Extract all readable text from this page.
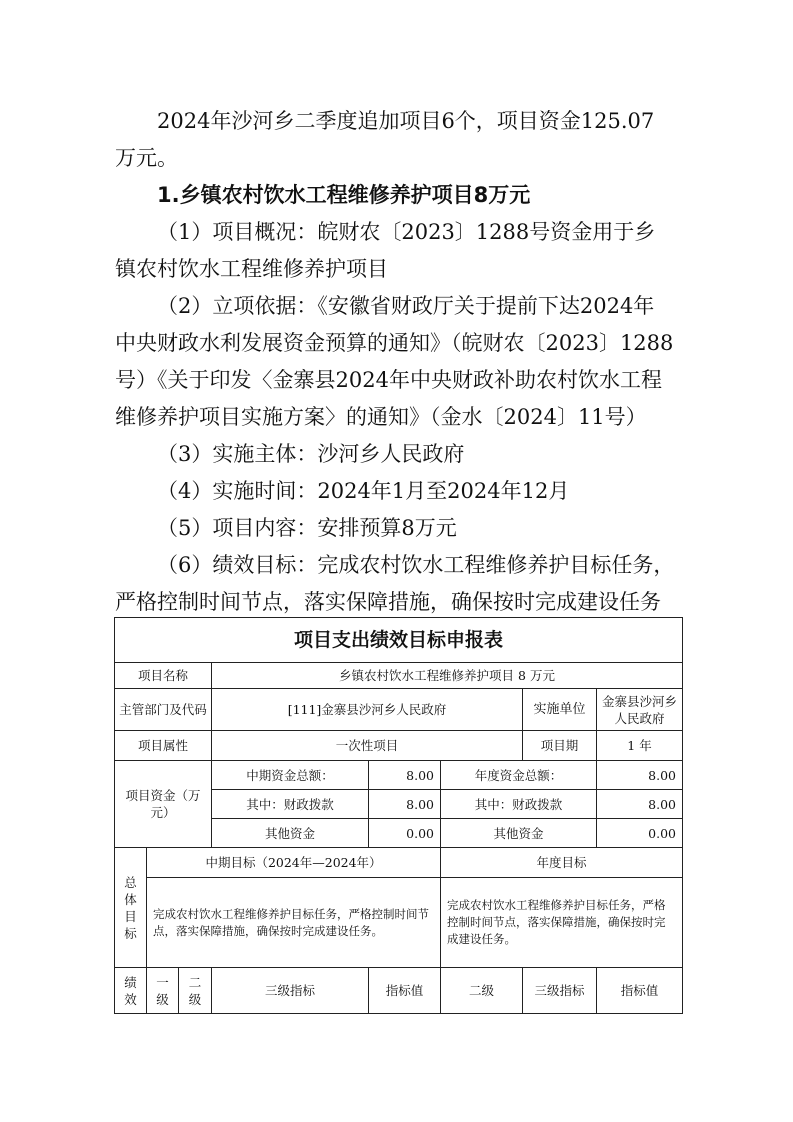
2024年沙河乡二季度追加项目6个，项目资金125.07万元。

1.乡镇农村饮水工程维修养护项目8万元

（1）项目概况：皖财农〔2023〕1288号资金用于乡镇农村饮水工程维修养护项目

（2）立项依据：《安徽省财政厅关于提前下达2024年中央财政水利发展资金预算的通知》（皖财农〔2023〕1288号）《关于印发〈金寨县2024年中央财政补助农村饮水工程维修养护项目实施方案〉的通知》（金水〔2024〕11号）

（3）实施主体：沙河乡人民政府

（4）实施时间：2024年1月至2024年12月

（5）项目内容：安排预算8万元

（6）绩效目标：完成农村饮水工程维修养护目标任务，严格控制时间节点，落实保障措施，确保按时完成建设任务

项目支出绩效目标申报表							
项目名称			乡镇农村饮水工程维修养护项目 8 万元				
主管部门及代码			[111]金寨县沙河乡人民政府			实施单位	金寨县沙河乡人民政府
项目属性			一次性项目			项目期	1 年
项目资金（万元）			中期资金总额：	8.00	年度资金总额：		8.00
			其中：财政拨款	8.00	其中：财政拨款		8.00
			其他资金	0.00	其他资金		0.00
总体目标	中期目标（2024年—2024年）				年度目标		
	完成农村饮水工程维修养护目标任务，严格控制时间节点，落实保障措施，确保按时完成建设任务。				完成农村饮水工程维修养护目标任务，严格控制时间节点，落实保障措施，确保按时完成建设任务。		
绩效	一级	二级	三级指标	指标值	二级	三级指标	指标值
